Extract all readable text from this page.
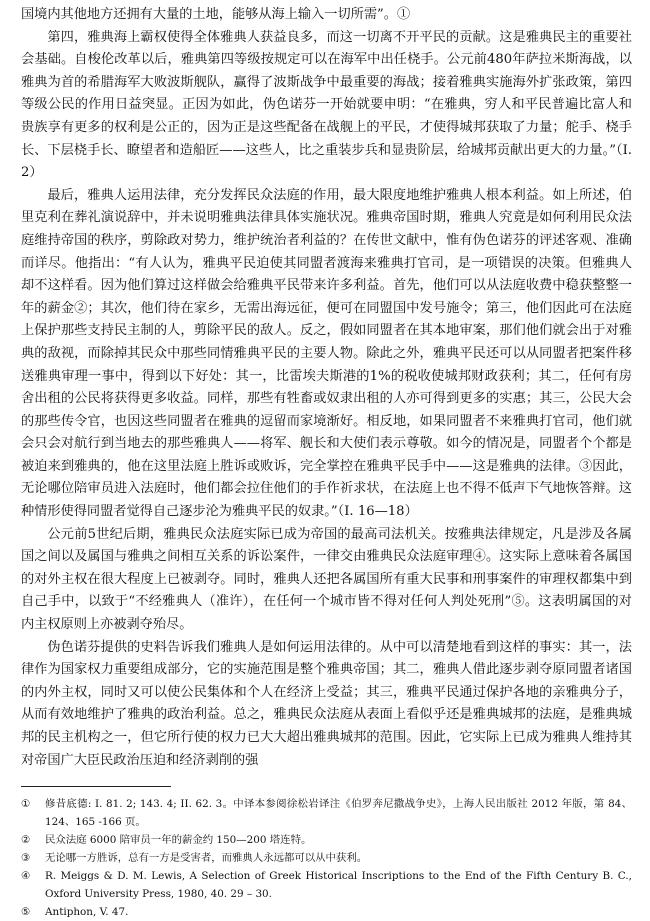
国境内其他地方还拥有大量的土地，能够从海上输入一切所需”。①

第四，雅典海上霸权使得全体雅典人获益良多，而这一切离不开平民的贡献。这是雅典民主的重要社会基础。自梭伦改革以后，雅典第四等级按规定可以在海军中出任桡手。公元前480年萨拉米斯海战，以雅典为首的希腊海军大败波斯舰队，赢得了波斯战争中最重要的海战；接着雅典实施海外扩张政策，第四等级公民的作用日益突显。正因为如此，伪色诺芬一开始就要申明：“在雅典，穷人和平民普遍比富人和贵族享有更多的权利是公正的，因为正是这些配备在战舰上的平民，才使得城邦获取了力量；舵手、桡手长、下层桡手长、瞭望者和造船匠——这些人，比之重装步兵和显贵阶层，给城邦贡献出更大的力量。”（I. 2）

最后，雅典人运用法律，充分发挥民众法庭的作用，最大限度地维护雅典人根本利益。如上所述，伯里克利在葬礼演说辞中，并未说明雅典法律具体实施状况。雅典帝国时期，雅典人究竟是如何利用民众法庭维持帝国的秩序，剪除政对势力，维护统治者利益的？在传世文献中，惟有伪色诺芬的评述客观、准确而详尽。他指出：“有人认为，雅典平民迫使其同盟者渡海来雅典打官司，是一项错误的决策。但雅典人却不这样看。因为他们算过这样做会给雅典平民带来许多利益。首先，他们可以从法庭收费中稳获整整一年的薪金②；其次，他们待在家乡，无需出海远征，便可在同盟国中发号施令；第三，他们因此可在法庭上保护那些支持民主制的人，剪除平民的敌人。反之，假如同盟者在其本地审案，那们他们就会出于对雅典的敌视，而除掉其民众中那些同情雅典平民的主要人物。除此之外，雅典平民还可以从同盟者把案件移送雅典审理一事中，得到以下好处：其一，比雷埃夫斯港的1%的税收使城邦财政获利；其二，任何有房舍出租的公民将获得更多收益。同样，那些有牲畜或奴隶出租的人亦可得到更多的实惠；其三，公民大会的那些传令官，也因这些同盟者在雅典的逗留而家境渐好。相反地，如果同盟者不来雅典打官司，他们就会只会对航行到当地去的那些雅典人——将军、舰长和大使们表示尊敬。如今的情况是，同盟者个个都是被迫来到雅典的，他在这里法庭上胜诉或败诉，完全掌控在雅典平民手中——这是雅典的法律。③因此，无论哪位陪审员进入法庭时，他们都会拉住他们的手作祈求状，在法庭上也不得不低声下气地恢答辩。这种情形使得同盟者觉得自己逐步沦为雅典平民的奴隶。”（I. 16—18）

公元前5世纪后期，雅典民众法庭实际已成为帝国的最高司法机关。按雅典法律规定，凡是涉及各属国之间以及属国与雅典之间相互关系的诉讼案件，一律交由雅典民众法庭审理④。这实际上意味着各属国的对外主权在很大程度上已被剥夺。同时，雅典人还把各属国所有重大民事和刑事案件的审理权都集中到自己手中，以致于“不经雅典人（准许），在任何一个城市皆不得对任何人判处死刑”⑤。这表明属国的对内主权原则上亦被剥夺殆尽。

伪色诺芬提供的史料告诉我们雅典人是如何运用法律的。从中可以清楚地看到这样的事实：其一，法律作为国家权力重要组成部分，它的实施范围是整个雅典帝国；其二，雅典人借此逐步剥夺原同盟者诸国的内外主权，同时又可以使公民集体和个人在经济上受益；其三，雅典平民通过保护各地的亲雅典分子，从而有效地维护了雅典的政治利益。总之，雅典民众法庭从表面上看似乎还是雅典城邦的法庭，是雅典城邦的民主机构之一，但它所行使的权力已大大超出雅典城邦的范围。因此，它实际上已成为雅典人维持其对帝国广大臣民政治压迫和经济剥削的强

①	修昔底德: I. 81. 2; 143. 4; II. 62. 3。中译本参阅徐松岩译注《伯罗奔尼撒战争史》，上海人民出版社 2012 年版，第 84、124、165 -166 页。
②	民众法庭 6000 陪审员一年的薪金约 150—200 塔连特。
③	无论哪一方胜诉，总有一方是受害者，而雅典人永远都可以从中获利。
④	R. Meiggs & D. M. Lewis, A Selection of Greek Historical Inscriptions to the End of the Fifth Century B. C., Oxford University Press, 1980, 40. 29 – 30.
⑤	Antiphon, V. 47.
